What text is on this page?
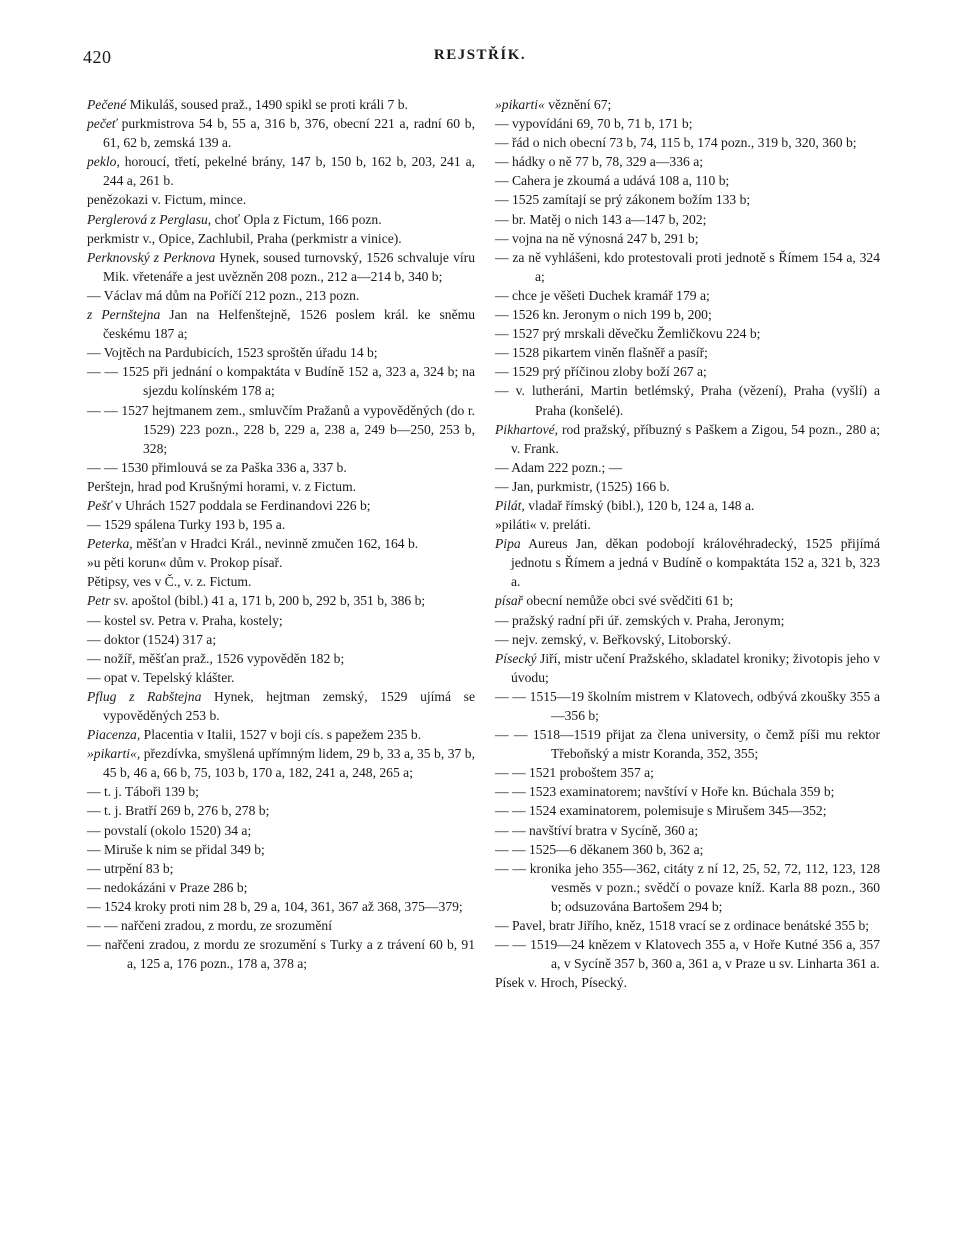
420	REJSTŘÍK.

Pečené Mikuláš, soused praž., 1490 spikl se proti králi 7 b.

pečeť purkmistrova 54 b, 55 a, 316 b, 376, obecní 221 a, radní 60 b, 61, 62 b, zemská 139 a.

peklo, horoucí, třetí, pekelné brány, 147 b, 150 b, 162 b, 203, 241 a, 244 a, 261 b.

penězokazi v. Fictum, mince.

Perglerová z Perglasu, choť Opla z Fictum, 166 pozn.

perkmistr v., Opice, Zachlubil, Praha (perkmistr a vinice).

Perknovský z Perknova Hynek, soused turnovský, 1526 schvaluje víru Mik. vřetenáře a jest uvězněn 208 pozn., 212 a—214 b, 340 b;

— Václav má dům na Poříčí 212 pozn., 213 pozn.

z Pernštejna Jan na Helfenštejně, 1526 poslem král. ke sněmu českému 187 a;

— Vojtěch na Pardubicích, 1523 sproštěn úřadu 14 b;

— — 1525 při jednání o kompaktáta v Budíně 152 a, 323 a, 324 b; na sjezdu kolínském 178 a;

— — 1527 hejtmanem zem., smluvčím Pražanů a vypověděných (do r. 1529) 223 pozn., 228 b, 229 a, 238 a, 249 b—250, 253 b, 328;

— — 1530 přimlouvá se za Paška 336 a, 337 b.

Perštejn, hrad pod Krušnými horami, v. z Fictum.

Pešť v Uhrách 1527 poddala se Ferdinandovi 226 b;

— 1529 spálena Turky 193 b, 195 a.

Peterka, měšťan v Hradci Král., nevinně zmučen 162, 164 b.

»u pěti korun« dům v. Prokop písař.

Pětipsy, ves v Č., v. z. Fictum.

Petr sv. apoštol (bibl.) 41 a, 171 b, 200 b, 292 b, 351 b, 386 b;

— kostel sv. Petra v. Praha, kostely;

— doktor (1524) 317 a;

— nožíř, měšťan praž., 1526 vypověděn 182 b;

— opat v. Tepelský klášter.

Pflug z Rabštejna Hynek, hejtman zemský, 1529 ujímá se vypověděných 253 b.

Piacenza, Placentia v Italii, 1527 v boji cís. s papežem 235 b.

»pikarti«, přezdívka, smyšlená upřímným lidem, 29 b, 33 a, 35 b, 37 b, 45 b, 46 a, 66 b, 75, 103 b, 170 a, 182, 241 a, 248, 265 a;

— t. j. Táboři 139 b;

— t. j. Bratří 269 b, 276 b, 278 b;

— povstalí (okolo 1520) 34 a;

— Miruše k nim se přidal 349 b;

— utrpění 83 b;

— nedokázáni v Praze 286 b;

— 1524 kroky proti nim 28 b, 29 a, 104, 361, 367 až 368, 375—379;

— — nařčeni zradou, z mordu, ze srozumění

— nařčeni zradou, z mordu ze srozumění s Turky a z trávení 60 b, 91 a, 125 a, 176 pozn., 178 a, 378 a;

»pikarti« věznění 67;

— vypovídáni 69, 70 b, 71 b, 171 b;

— řád o nich obecní 73 b, 74, 115 b, 174 pozn., 319 b, 320, 360 b;

— hádky o ně 77 b, 78, 329 a—336 a;

— Cahera je zkoumá a udává 108 a, 110 b;

— 1525 zamítají se prý zákonem božím 133 b;

— br. Matěj o nich 143 a—147 b, 202;

— vojna na ně výnosná 247 b, 291 b;

— za ně vyhlášeni, kdo protestovali proti jednotě s Římem 154 a, 324 a;

— chce je věšeti Duchek kramář 179 a;

— 1526 kn. Jeronym o nich 199 b, 200;

— 1527 prý mrskali děvečku Žemličkovu 224 b;

— 1528 pikartem viněn flašněř a pasíř;

— 1529 prý příčinou zloby boží 267 a;

— v. lutheráni, Martin betlémský, Praha (vězení), Praha (vyšlí) a Praha (konšelé).

Pikhartové, rod pražský, příbuzný s Paškem a Zigou, 54 pozn., 280 a; v. Frank.

— Adam 222 pozn.; —

— Jan, purkmistr, (1525) 166 b.

Pilát, vladař římský (bibl.), 120 b, 124 a, 148 a.

»piláti« v. preláti.

Pipa Aureus Jan, děkan podobojí královéhradecký, 1525 přijímá jednotu s Římem a jedná v Budíně o kompaktáta 152 a, 321 b, 323 a.

písař obecní nemůže obci své svědčiti 61 b;

— pražský radní při úř. zemských v. Praha, Jeronym;

— nejv. zemský, v. Beřkovský, Litoborský.

Písecký Jiří, mistr učení Pražského, skladatel kroniky; životopis jeho v úvodu;

— — 1515—19 školním mistrem v Klatovech, odbývá zkoušky 355 a—356 b;

— — 1518—1519 přijat za člena university, o čemž píši mu rektor Třeboňský a mistr Koranda, 352, 355;

— — 1521 proboštem 357 a;

— — 1523 examinatorem; navštíví v Hoře kn. Búchala 359 b;

— — 1524 examinatorem, polemisuje s Mirušem 345—352;

— — navštíví bratra v Sycíně, 360 a;

— — 1525—6 děkanem 360 b, 362 a;

— — kronika jeho 355—362, citáty z ní 12, 25, 52, 72, 112, 123, 128 vesměs v pozn.; svědčí o povaze kníž. Karla 88 pozn., 360 b; odsuzována Bartošem 294 b;

— Pavel, bratr Jiřího, kněz, 1518 vrací se z ordinace benátské 355 b;

— — 1519—24 knězem v Klatovech 355 a, v Hoře Kutné 356 a, 357 a, v Sycíně 357 b, 360 a, 361 a, v Praze u sv. Linharta 361 a.

Písek v. Hroch, Písecký.
